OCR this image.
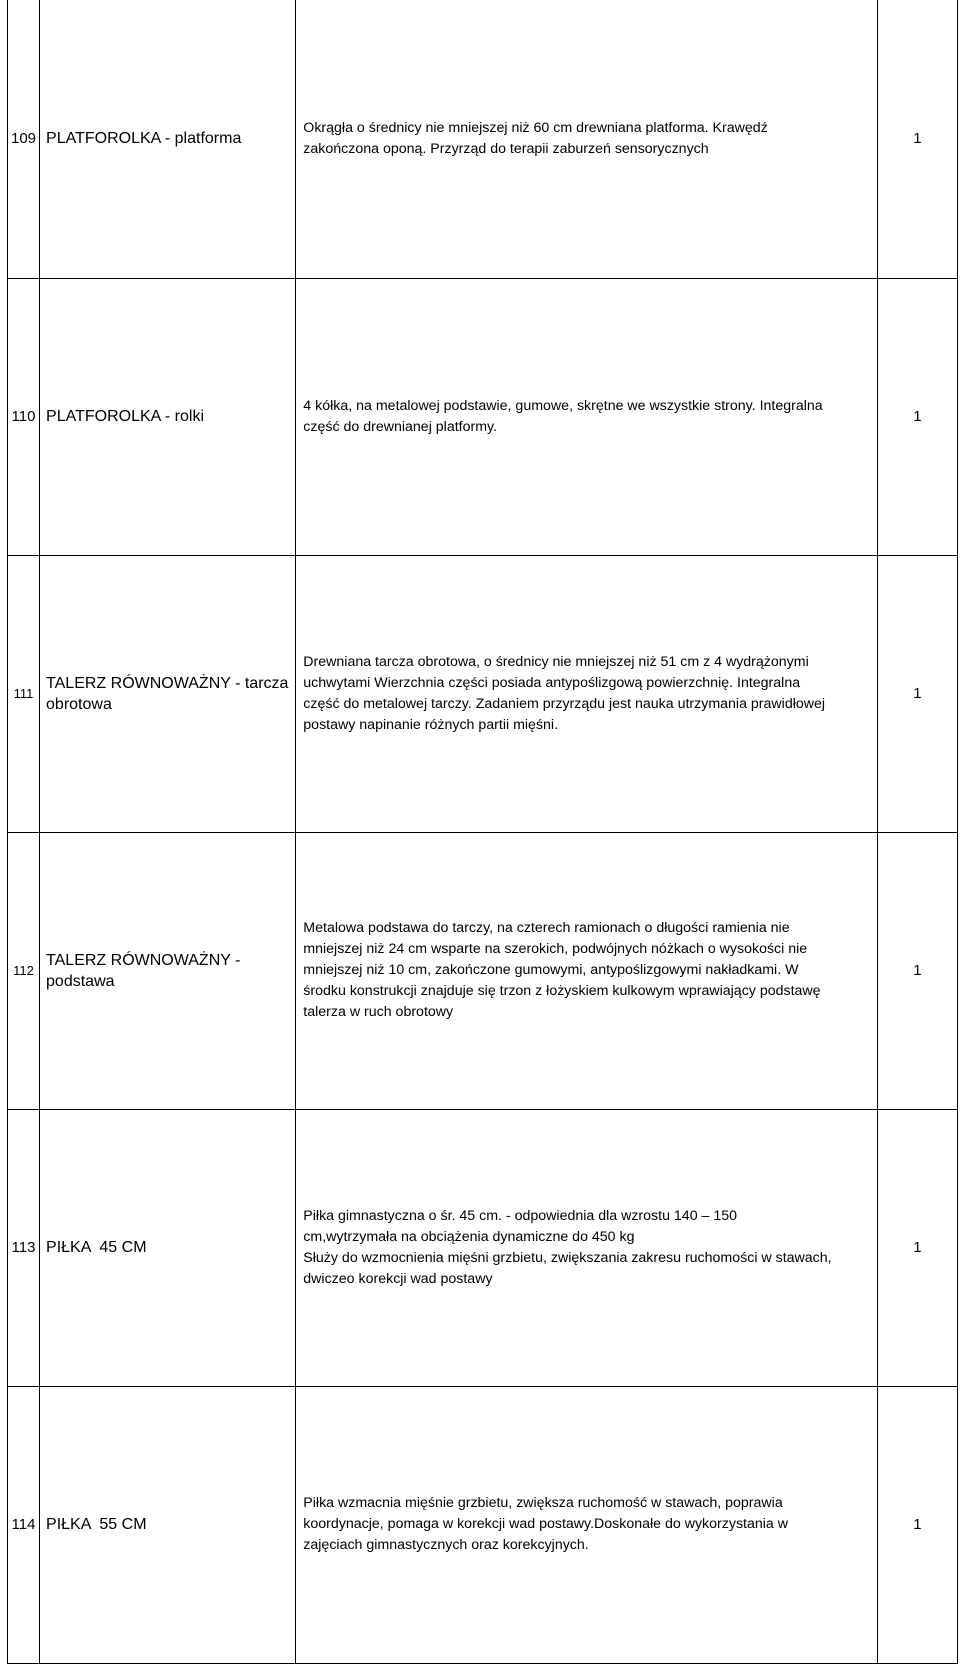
109	PLATFOROLKA - platforma	Okrągła o średnicy nie mniejszej niż 60 cm drewniana platforma. Krawędź
zakończona oponą. Przyrząd do terapii zaburzeń sensorycznych	1
110	PLATFOROLKA - rolki	4 kółka, na metalowej podstawie, gumowe, skrętne we wszystkie strony. Integralna
część do drewnianej platformy.	1
111	TALERZ RÓWNOWAŻNY - tarcza obrotowa	Drewniana tarcza obrotowa, o średnicy nie mniejszej niż 51 cm z 4 wydrążonymi
uchwytami Wierzchnia części posiada antypoślizgową powierzchnię. Integralna
część do metalowej tarczy. Zadaniem przyrządu jest nauka utrzymania prawidłowej
postawy napinanie różnych partii mięśni.	1
112	TALERZ RÓWNOWAŻNY - podstawa	Metalowa podstawa do tarczy, na czterech ramionach o długości ramienia nie
mniejszej niż 24 cm wsparte na szerokich, podwójnych nóżkach o wysokości nie
mniejszej niż 10 cm, zakończone gumowymi, antypoślizgowymi nakładkami. W
środku konstrukcji znajduje się trzon z łożyskiem kulkowym wprawiający podstawę
talerza w ruch obrotowy	1
113	PIŁKA  45 CM	Piłka gimnastyczna o śr. 45 cm. - odpowiednia dla wzrostu 140 – 150
cm,wytrzymała na obciążenia dynamiczne do 450 kg
Służy do wzmocnienia mięśni grzbietu, zwiększania zakresu ruchomości w stawach,
dwiczeo korekcji wad postawy	1
114	PIŁKA  55 CM	Piłka wzmacnia mięśnie grzbietu, zwiększa ruchomość w stawach, poprawia
koordynacje, pomaga w korekcji wad postawy.Doskonałe do wykorzystania w
zajęciach gimnastycznych oraz korekcyjnych.	1
